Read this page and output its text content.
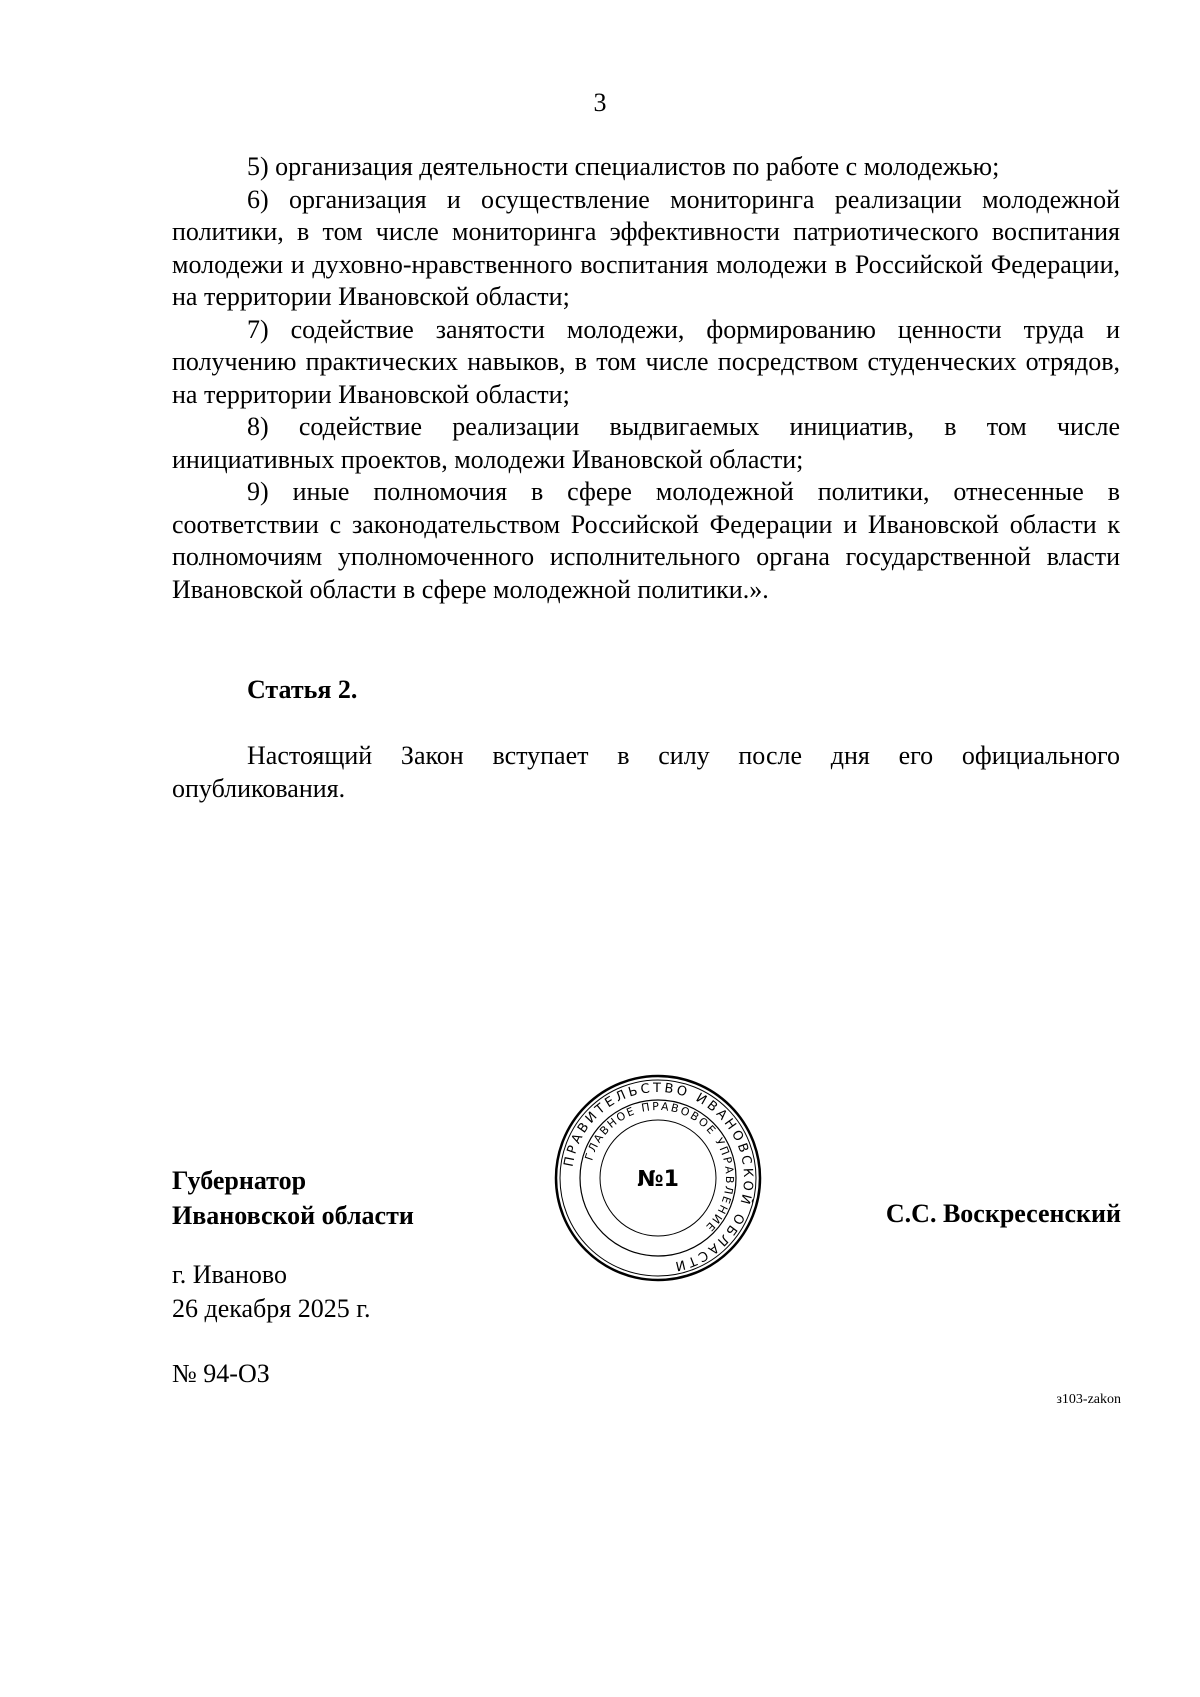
3

5) организация деятельности специалистов по работе с молодежью;

6) организация и осуществление мониторинга реализации молодежной политики, в том числе мониторинга эффективности патриотического воспитания молодежи и духовно-нравственного воспитания молодежи в Российской Федерации, на территории Ивановской области;

7) содействие занятости молодежи, формированию ценности труда и получению практических навыков, в том числе посредством студенческих отрядов, на территории Ивановской области;

8) содействие реализации выдвигаемых инициатив, в том числе инициативных проектов, молодежи Ивановской области;

9) иные полномочия в сфере молодежной политики, отнесенные в соответствии с законодательством Российской Федерации и Ивановской области к полномочиям уполномоченного исполнительного органа государственной власти Ивановской области в сфере молодежной политики.».

Статья 2.

Настоящий Закон вступает в силу после дня его официального опубликования.

Губернатор
Ивановской области
ПРАВИТЕЛЬСТВО ИВАНОВСКОЙ ОБЛАСТИ
ГЛАВНОЕ ПРАВОВОЕ УПРАВЛЕНИЕ
№1
С.С. Воскресенский
г. Иваново
26 декабря 2025 г.
№ 94-ОЗ
з103-zakon
